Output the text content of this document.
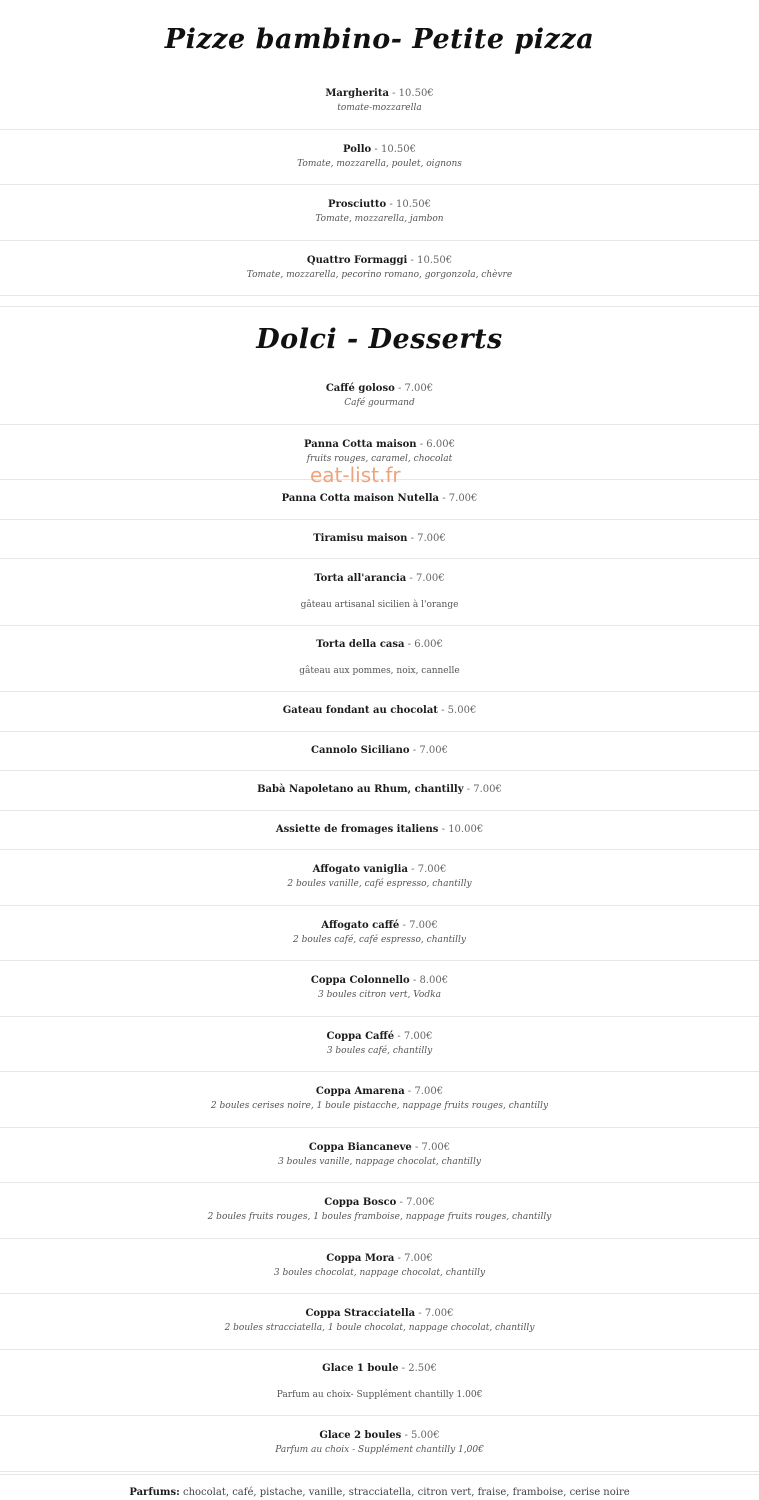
Pizze bambino- Petite pizza
Margherita - 10.50€
tomate-mozzarella
Pollo - 10.50€
Tomate, mozzarella, poulet, oignons
Prosciutto - 10.50€
Tomate, mozzarella, jambon
Quattro Formaggi - 10.50€
Tomate, mozzarella, pecorino romano, gorgonzola, chèvre
Dolci - Desserts
Caffé goloso - 7.00€
Café gourmand
Panna Cotta maison - 6.00€
fruits rouges, caramel, chocolat
Panna Cotta maison Nutella - 7.00€
Tiramisu maison - 7.00€
Torta all'arancia - 7.00€
gâteau artisanal sicilien à l'orange
Torta della casa - 6.00€
gâteau aux pommes, noix, cannelle
Gateau fondant au chocolat - 5.00€
Cannolo Siciliano - 7.00€
Babà Napoletano au Rhum, chantilly - 7.00€
Assiette de fromages italiens - 10.00€
Affogato vaniglia - 7.00€
2 boules vanille, café espresso, chantilly
Affogato caffé - 7.00€
2 boules café, café espresso, chantilly
Coppa Colonnello - 8.00€
3 boules citron vert, Vodka
Coppa Caffé - 7.00€
3 boules café, chantilly
Coppa Amarena - 7.00€
2 boules cerises noire, 1 boule pistacche, nappage fruits rouges, chantilly
Coppa Biancaneve - 7.00€
3 boules vanille, nappage chocolat, chantilly
Coppa Bosco - 7.00€
2 boules fruits rouges, 1 boules framboise, nappage fruits rouges, chantilly
Coppa Mora - 7.00€
3 boules chocolat, nappage chocolat, chantilly
Coppa Stracciatella - 7.00€
2 boules stracciatella, 1 boule chocolat, nappage chocolat, chantilly
Glace 1 boule - 2.50€
Parfum au choix- Supplément chantilly 1.00€
Glace 2 boules - 5.00€
Parfum au choix - Supplément chantilly 1,00€
eat-list.fr
Parfums: chocolat, café, pistache, vanille, stracciatella, citron vert, fraise, framboise, cerise noire
